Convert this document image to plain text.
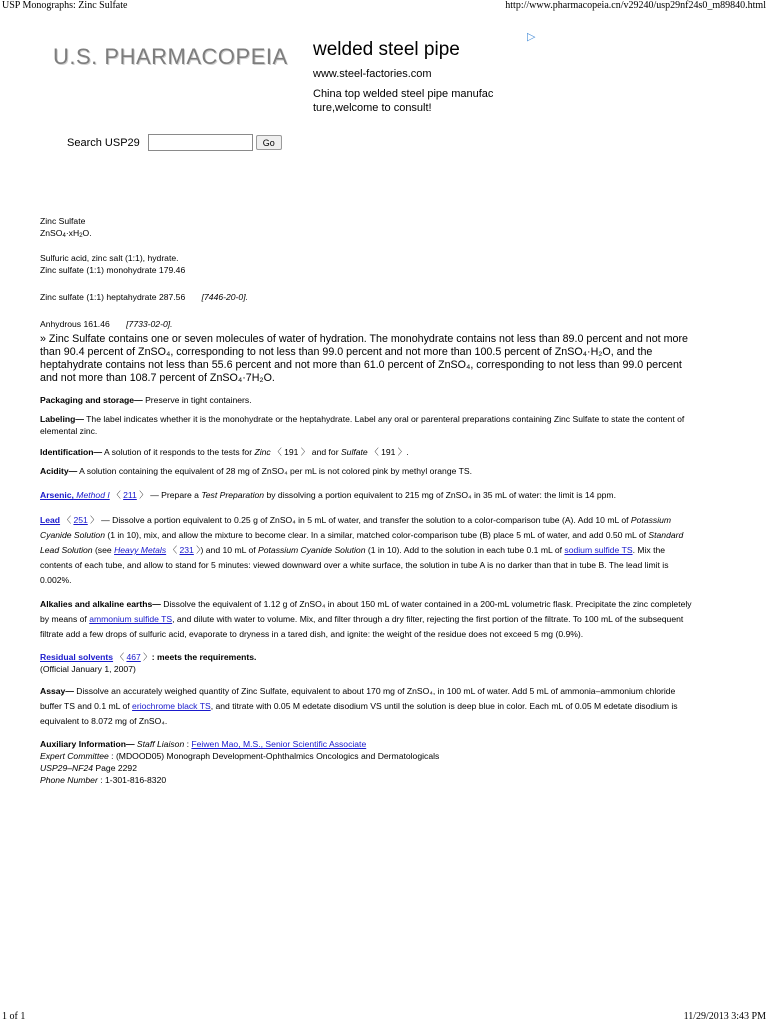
USP Monographs: Zinc Sulfate	http://www.pharmacopeia.cn/v29240/usp29nf24s0_m89840.html
U.S. PHARMACOPEIA
▷
welded steel pipe
www.steel-factories.com
China top welded steel pipe manufac
ture,welcome to consult!
Search USP29	Go
Zinc Sulfate
$ZnSO_4\cdot xH_2O$.
Sulfuric acid, zinc salt (1:1), hydrate.
Zinc sulfate (1:1) monohydrate 179.46
Zinc sulfate (1:1) heptahydrate 287.56 [7446-20-0].
Anhydrous 161.46 [7733-02-0].
» Zinc Sulfate contains one or seven molecules of water of hydration. The monohydrate contains not less than 89.0 percent and not more
than 90.4 percent of ZnSO₄, corresponding to not less than 99.0 percent and not more than 100.5 percent of ZnSO₄·H₂O, and the
heptahydrate contains not less than 55.6 percent and not more than 61.0 percent of ZnSO₄, corresponding to not less than 99.0 percent
and not more than 108.7 percent of ZnSO₄·7H₂O.
Packaging and storage— Preserve in tight containers.
Labeling— The label indicates whether it is the monohydrate or the heptahydrate. Label any oral or parenteral preparations containing Zinc Sulfate to state the content of
elemental zinc.
Identification— A solution of it responds to the tests for Zinc 〈 191 〉 and for Sulfate 〈 191 〉.
Acidity— A solution containing the equivalent of 28 mg of ZnSO₄ per mL is not colored pink by methyl orange TS.
Arsenic, Method I 〈 211 〉 — Prepare a Test Preparation by dissolving a portion equivalent to 215 mg of ZnSO₄ in 35 mL of water: the limit is 14 ppm.
Lead 〈 251 〉 — Dissolve a portion equivalent to 0.25 g of ZnSO₄ in 5 mL of water, and transfer the solution to a color-comparison tube (A). Add 10 mL of Potassium
Cyanide Solution (1 in 10), mix, and allow the mixture to become clear. In a similar, matched color-comparison tube (B) place 5 mL of water, and add 0.50 mL of Standard
Lead Solution (see Heavy Metals 〈 231 〉) and 10 mL of Potassium Cyanide Solution (1 in 10). Add to the solution in each tube 0.1 mL of sodium sulfide TS. Mix the
contents of each tube, and allow to stand for 5 minutes: viewed downward over a white surface, the solution in tube A is no darker than that in tube B. The lead limit is
0.002%.
Alkalies and alkaline earths— Dissolve the equivalent of 1.12 g of ZnSO₄ in about 150 mL of water contained in a 200-mL volumetric flask. Precipitate the zinc completely
by means of ammonium sulfide TS, and dilute with water to volume. Mix, and filter through a dry filter, rejecting the first portion of the filtrate. To 100 mL of the subsequent
filtrate add a few drops of sulfuric acid, evaporate to dryness in a tared dish, and ignite: the weight of the residue does not exceed 5 mg (0.9%).
Residual solvents 〈 467 〉: meets the requirements.
(Official January 1, 2007)
Assay— Dissolve an accurately weighed quantity of Zinc Sulfate, equivalent to about 170 mg of ZnSO₄, in 100 mL of water. Add 5 mL of ammonia–ammonium chloride
buffer TS and 0.1 mL of eriochrome black TS, and titrate with 0.05 M edetate disodium VS until the solution is deep blue in color. Each mL of 0.05 M edetate disodium is
equivalent to 8.072 mg of ZnSO₄.
Auxiliary Information— Staff Liaison : Feiwen Mao, M.S., Senior Scientific Associate
Expert Committee : (MDOOD05) Monograph Development-Ophthalmics Oncologics and Dermatologicals
USP29–NF24 Page 2292
Phone Number : 1-301-816-8320
1 of 1	11/29/2013 3:43 PM
